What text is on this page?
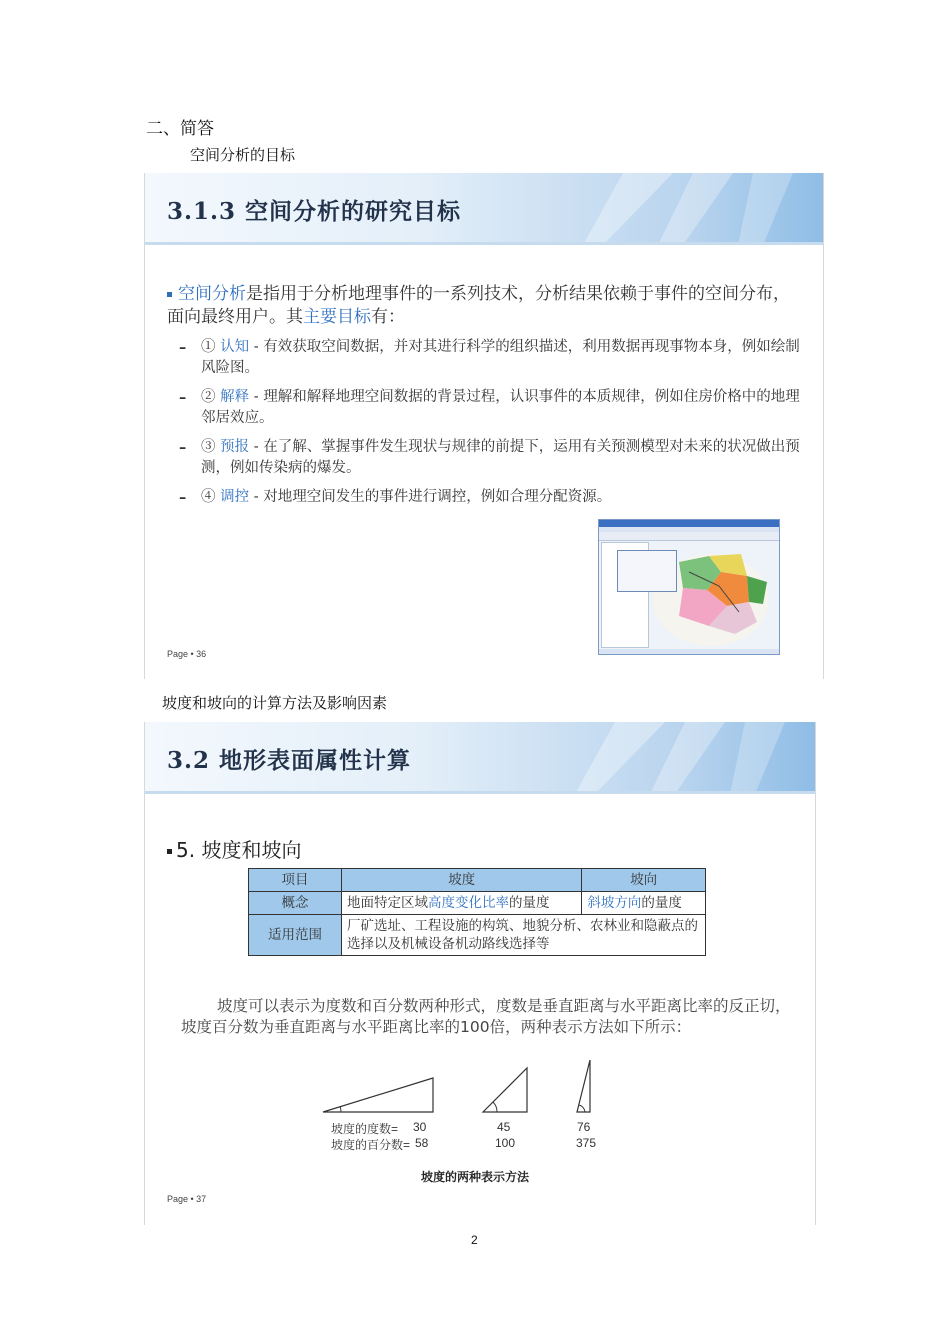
二、简答
空间分析的目标
3.1.3 空间分析的研究目标
空间分析是指用于分析地理事件的一系列技术，分析结果依赖于事件的空间分布，面向最终用户。其主要目标有：
– ① 认知 - 有效获取空间数据，并对其进行科学的组织描述，利用数据再现事物本身，例如绘制风险图。
– ② 解释 - 理解和解释地理空间数据的背景过程，认识事件的本质规律，例如住房价格中的地理邻居效应。
– ③ 预报 - 在了解、掌握事件发生现状与规律的前提下，运用有关预测模型对未来的状况做出预测，例如传染病的爆发。
– ④ 调控 - 对地理空间发生的事件进行调控，例如合理分配资源。
Page • 36
坡度和坡向的计算方法及影响因素
3.2 地形表面属性计算
5. 坡度和坡向
项目	坡度	坡向
概念	地面特定区域高度变化比率的量度	斜坡方向的量度
适用范围	厂矿选址、工程设施的构筑、地貌分析、农林业和隐蔽点的选择以及机械设备机动路线选择等	
坡度可以表示为度数和百分数两种形式，度数是垂直距离与水平距离比率的反正切，坡度百分数为垂直距离与水平距离比率的100倍，两种表示方法如下所示：
坡度的度数= 30
坡度的百分数= 58
45
100
76
375
坡度的两种表示方法
Page • 37
2
